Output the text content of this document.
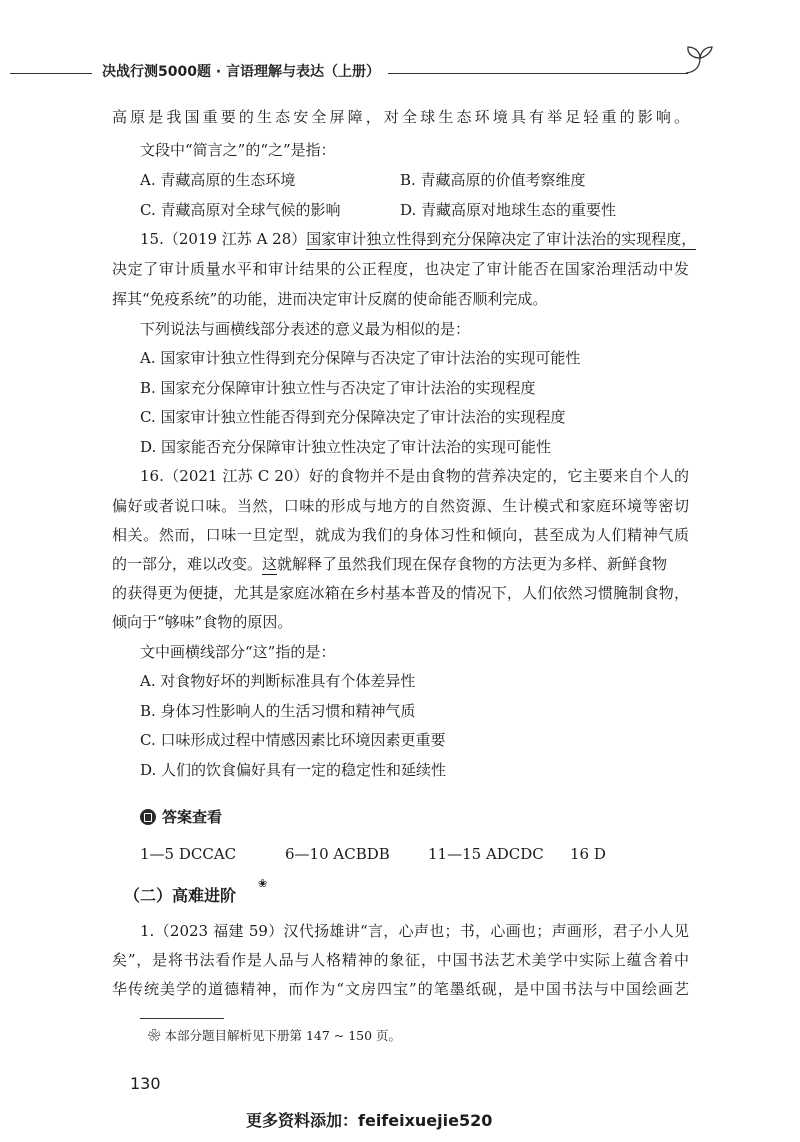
决战行测5000题 · 言语理解与表达（上册）
高原是我国重要的生态安全屏障，对全球生态环境具有举足轻重的影响。
文段中“简言之”的“之”是指：
A. 青藏高原的生态环境	B. 青藏高原的价值考察维度
C. 青藏高原对全球气候的影响	D. 青藏高原对地球生态的重要性
15.（2019 江苏 A 28）国家审计独立性得到充分保障决定了审计法治的实现程度，
决定了审计质量水平和审计结果的公正程度，也决定了审计能否在国家治理活动中发
挥其“免疫系统”的功能，进而决定审计反腐的使命能否顺利完成。
下列说法与画横线部分表述的意义最为相似的是：
A. 国家审计独立性得到充分保障与否决定了审计法治的实现可能性
B. 国家充分保障审计独立性与否决定了审计法治的实现程度
C. 国家审计独立性能否得到充分保障决定了审计法治的实现程度
D. 国家能否充分保障审计独立性决定了审计法治的实现可能性
16.（2021 江苏 C 20）好的食物并不是由食物的营养决定的，它主要来自个人的
偏好或者说口味。当然，口味的形成与地方的自然资源、生计模式和家庭环境等密切
相关。然而，口味一旦定型，就成为我们的身体习性和倾向，甚至成为人们精神气质
的一部分，难以改变。这就解释了虽然我们现在保存食物的方法更为多样、新鲜食物
的获得更为便捷，尤其是家庭冰箱在乡村基本普及的情况下，人们依然习惯腌制食物，
倾向于“够味”食物的原因。
文中画横线部分“这”指的是：
A. 对食物好坏的判断标准具有个体差异性
B. 身体习性影响人的生活习惯和精神气质
C. 口味形成过程中情感因素比环境因素更重要
D. 人们的饮食偏好具有一定的稳定性和延续性
答案查看
1—5 DCCAC	6—10 ACBDB	11—15 ADCDC 16 D
（二）高难进阶
❀
1.（2023 福建 59）汉代扬雄讲“言，心声也；书，心画也；声画形，君子小人见
矣”，是将书法看作是人品与人格精神的象征，中国书法艺术美学中实际上蕴含着中
华传统美学的道德精神，而作为“文房四宝”的笔墨纸砚，是中国书法与中国绘画艺
❀ 本部分题目解析见下册第 147 ~ 150 页。
130
更多资料添加：feifeixuejie520
